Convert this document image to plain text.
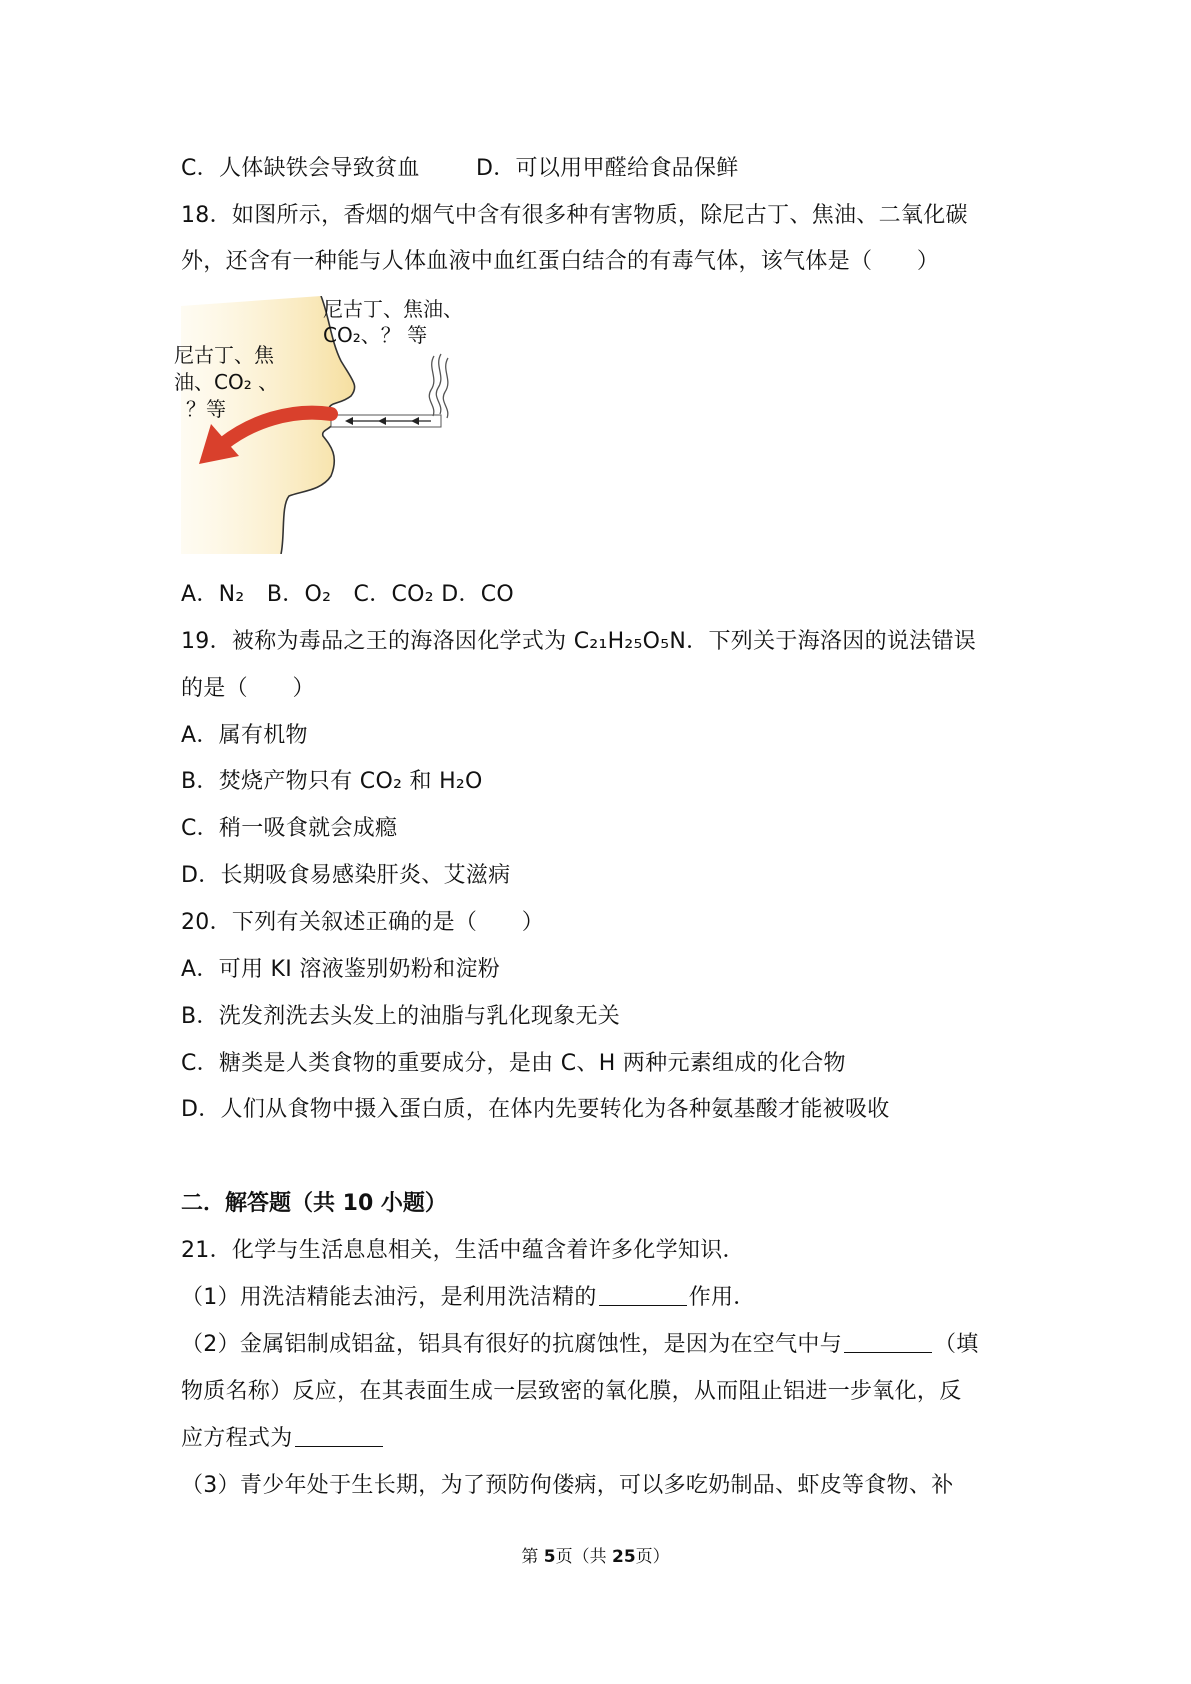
C．人体缺铁会导致贫血	D．可以用甲醛给食品保鲜
18．如图所示，香烟的烟气中含有很多种有害物质，除尼古丁、焦油、二氧化碳
外，还含有一种能与人体血液中血红蛋白结合的有毒气体，该气体是（　　）
尼古丁、焦油、
CO₂、？ 等
尼古丁、焦
油、CO₂ 、
？等
A．N₂　B．O₂　C．CO₂ D．CO
19．被称为毒品之王的海洛因化学式为 C₂₁H₂₅O₅N．下列关于海洛因的说法错误
的是（　　）
A．属有机物
B．焚烧产物只有 CO₂ 和 H₂O
C．稍一吸食就会成瘾
D．长期吸食易感染肝炎、艾滋病
20．下列有关叙述正确的是（　　）
A．可用 KI 溶液鉴别奶粉和淀粉
B．洗发剂洗去头发上的油脂与乳化现象无关
C．糖类是人类食物的重要成分，是由 C、H 两种元素组成的化合物
D．人们从食物中摄入蛋白质，在体内先要转化为各种氨基酸才能被吸收
二．解答题（共 10 小题）
21．化学与生活息息相关，生活中蕴含着许多化学知识．
（1）用洗洁精能去油污，是利用洗洁精的	作用．
（2）金属铝制成铝盆，铝具有很好的抗腐蚀性，是因为在空气中与	（填
物质名称）反应，在其表面生成一层致密的氧化膜，从而阻止铝进一步氧化，反
应方程式为
（3）青少年处于生长期，为了预防佝偻病，可以多吃奶制品、虾皮等食物、补
第 5页（共 25页）
